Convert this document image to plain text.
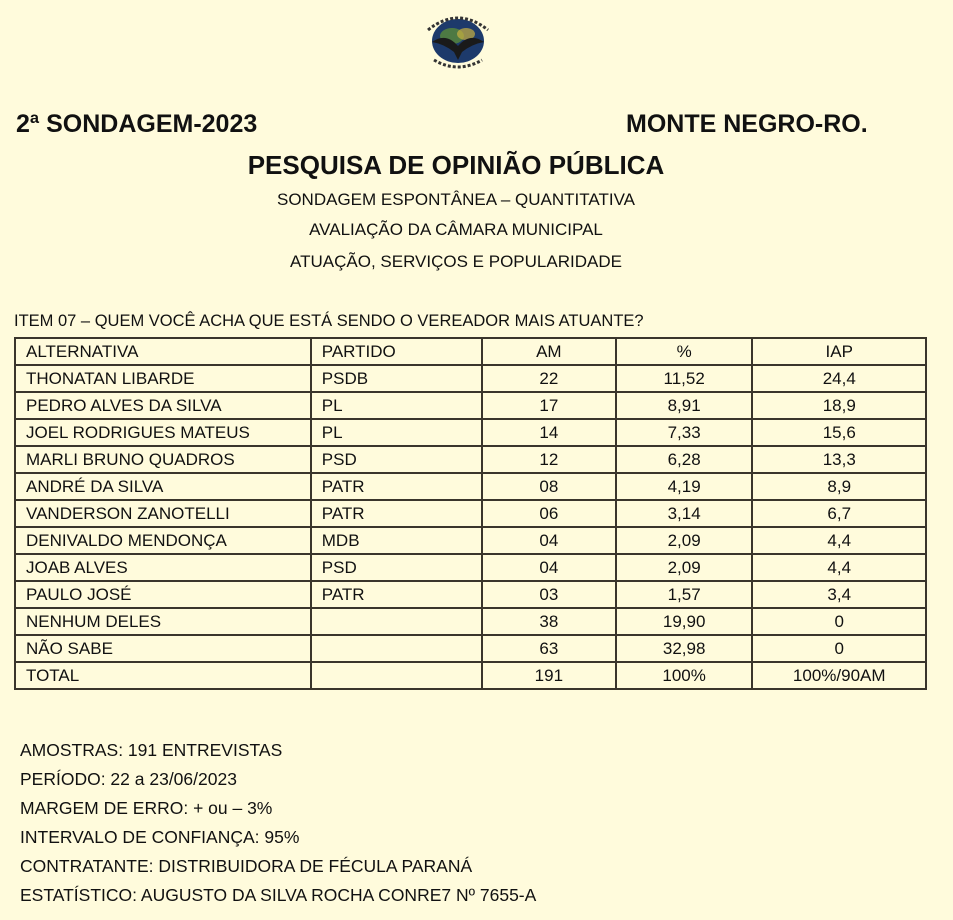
2ª SONDAGEM-2023	MONTE NEGRO-RO.
PESQUISA DE OPINIÃO PÚBLICA
SONDAGEM ESPONTÂNEA – QUANTITATIVA
AVALIAÇÃO DA CÂMARA MUNICIPAL
ATUAÇÃO, SERVIÇOS E POPULARIDADE
ITEM 07 – QUEM VOCÊ ACHA QUE ESTÁ SENDO O VEREADOR MAIS ATUANTE?
ALTERNATIVA	PARTIDO	AM	%	IAP
THONATAN LIBARDE	PSDB	22	11,52	24,4
PEDRO ALVES DA SILVA	PL	17	8,91	18,9
JOEL RODRIGUES MATEUS	PL	14	7,33	15,6
MARLI BRUNO QUADROS	PSD	12	6,28	13,3
ANDRÉ DA SILVA	PATR	08	4,19	8,9
VANDERSON ZANOTELLI	PATR	06	3,14	6,7
DENIVALDO MENDONÇA	MDB	04	2,09	4,4
JOAB ALVES	PSD	04	2,09	4,4
PAULO JOSÉ	PATR	03	1,57	3,4
NENHUM DELES		38	19,90	0
NÃO SABE		63	32,98	0
TOTAL		191	100%	100%/90AM
AMOSTRAS: 191 ENTREVISTAS
PERÍODO: 22 a 23/06/2023
MARGEM DE ERRO: + ou – 3%
INTERVALO DE CONFIANÇA: 95%
CONTRATANTE: DISTRIBUIDORA DE FÉCULA PARANÁ
ESTATÍSTICO: AUGUSTO DA SILVA ROCHA CONRE7 Nº 7655-A
